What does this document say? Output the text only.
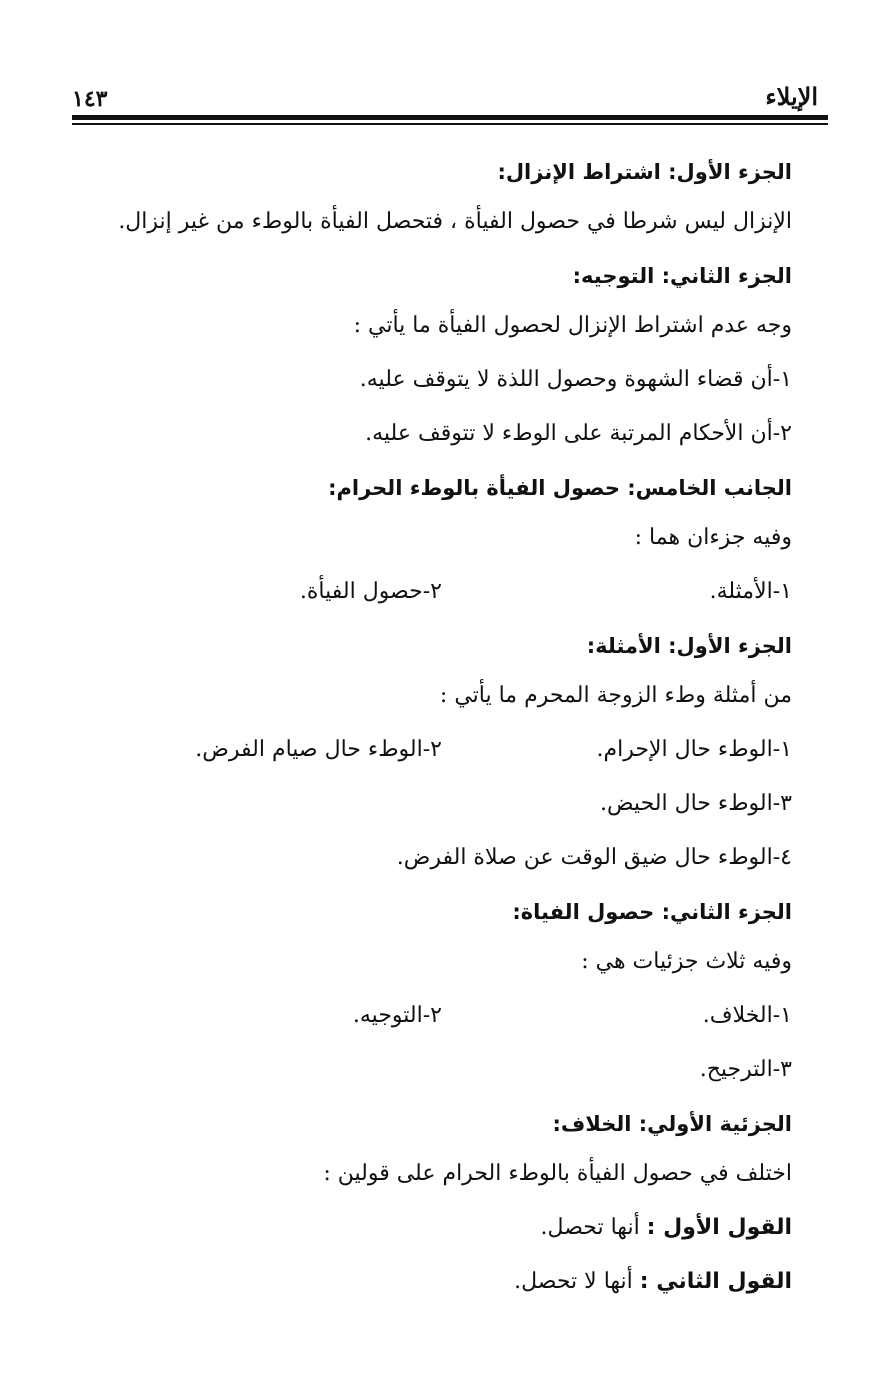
الإيلاء
١٤٣
الجزء الأول: اشتراط الإنزال:
الإنزال ليس شرطا في حصول الفيأة ، فتحصل الفيأة بالوطء من غير إنزال.
الجزء الثاني: التوجيه:
وجه عدم اشتراط الإنزال لحصول الفيأة ما يأتي :
١-أن قضاء الشهوة وحصول اللذة لا يتوقف عليه.
٢-أن الأحكام المرتبة على الوطء لا تتوقف عليه.
الجانب الخامس: حصول الفيأة بالوطء الحرام:
وفيه جزءان هما :
١-الأمثلة.
٢-حصول الفيأة.
الجزء الأول: الأمثلة:
من أمثلة وطء الزوجة المحرم ما يأتي :
١-الوطء حال الإحرام.
٢-الوطء حال صيام الفرض.
٣-الوطء حال الحيض.
٤-الوطء حال ضيق الوقت عن صلاة الفرض.
الجزء الثاني: حصول الفياة:
وفيه ثلاث جزئيات هي :
١-الخلاف.
٢-التوجيه.
٣-الترجيح.
الجزئية الأولي: الخلاف:
اختلف في حصول الفيأة بالوطء الحرام على قولين :
القول الأول : أنها تحصل.
القول الثاني : أنها لا تحصل.
